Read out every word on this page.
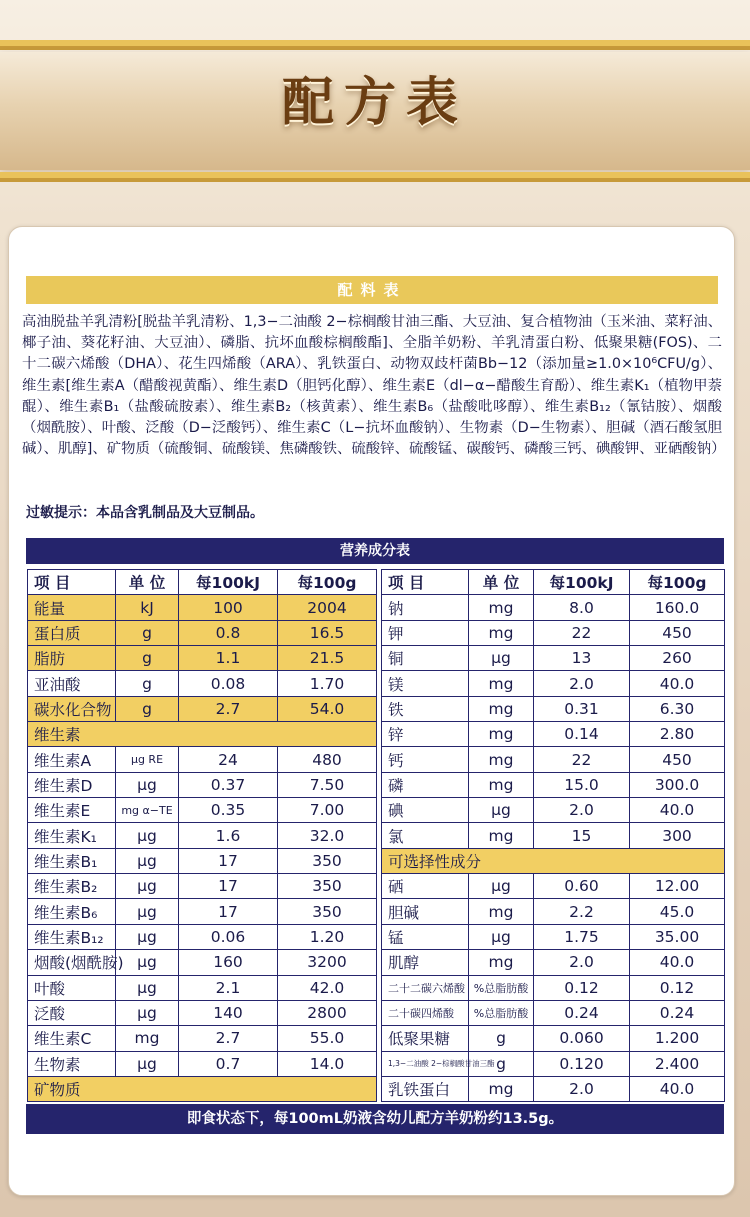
配方表
配料表
高油脱盐羊乳清粉[脱盐羊乳清粉、1,3−二油酸 2−棕榈酸甘油三酯、大豆油、复合植物油（玉米油、菜籽油、椰子油、葵花籽油、大豆油）、磷脂、抗坏血酸棕榈酸酯]、全脂羊奶粉、羊乳清蛋白粉、低聚果糖(FOS)、二十二碳六烯酸（DHA）、花生四烯酸（ARA）、乳铁蛋白、动物双歧杆菌Bb−12（添加量≥1.0×10⁶CFU/g）、维生素[维生素A（醋酸视黄酯）、维生素D（胆钙化醇）、维生素E（dl−α−醋酸生育酚）、维生素K₁（植物甲萘醌）、维生素B₁（盐酸硫胺素）、维生素B₂（核黄素）、维生素B₆（盐酸吡哆醇）、维生素B₁₂（氰钴胺）、烟酸（烟酰胺）、叶酸、泛酸（D−泛酸钙）、维生素C（L−抗坏血酸钠）、生物素（D−生物素）、胆碱（酒石酸氢胆碱）、肌醇]、矿物质（硫酸铜、硫酸镁、焦磷酸铁、硫酸锌、硫酸锰、碳酸钙、磷酸三钙、碘酸钾、亚硒酸钠）
过敏提示：本品含乳制品及大豆制品。
营养成分表
项 目	单 位	每100kJ	每100g
能量	kJ	100	2004
蛋白质	g	0.8	16.5
脂肪	g	1.1	21.5
亚油酸	g	0.08	1.70
碳水化合物	g	2.7	54.0
维生素			
维生素A	μg RE	24	480
维生素D	μg	0.37	7.50
维生素E	mg α−TE	0.35	7.00
维生素K₁	μg	1.6	32.0
维生素B₁	μg	17	350
维生素B₂	μg	17	350
维生素B₆	μg	17	350
维生素B₁₂	μg	0.06	1.20
烟酸(烟酰胺)	μg	160	3200
叶酸	μg	2.1	42.0
泛酸	μg	140	2800
维生素C	mg	2.7	55.0
生物素	μg	0.7	14.0
矿物质			
项 目	单 位	每100kJ	每100g
钠	mg	8.0	160.0
钾	mg	22	450
铜	μg	13	260
镁	mg	2.0	40.0
铁	mg	0.31	6.30
锌	mg	0.14	2.80
钙	mg	22	450
磷	mg	15.0	300.0
碘	μg	2.0	40.0
氯	mg	15	300
可选择性成分			
硒	μg	0.60	12.00
胆碱	mg	2.2	45.0
锰	μg	1.75	35.00
肌醇	mg	2.0	40.0
二十二碳六烯酸	%总脂肪酸	0.12	0.12
二十碳四烯酸	%总脂肪酸	0.24	0.24
低聚果糖	g	0.060	1.200
1,3−二油酸 2−棕榈酸甘油三酯	g	0.120	2.400
乳铁蛋白	mg	2.0	40.0
即食状态下，每100mL奶液含幼儿配方羊奶粉约13.5g。
